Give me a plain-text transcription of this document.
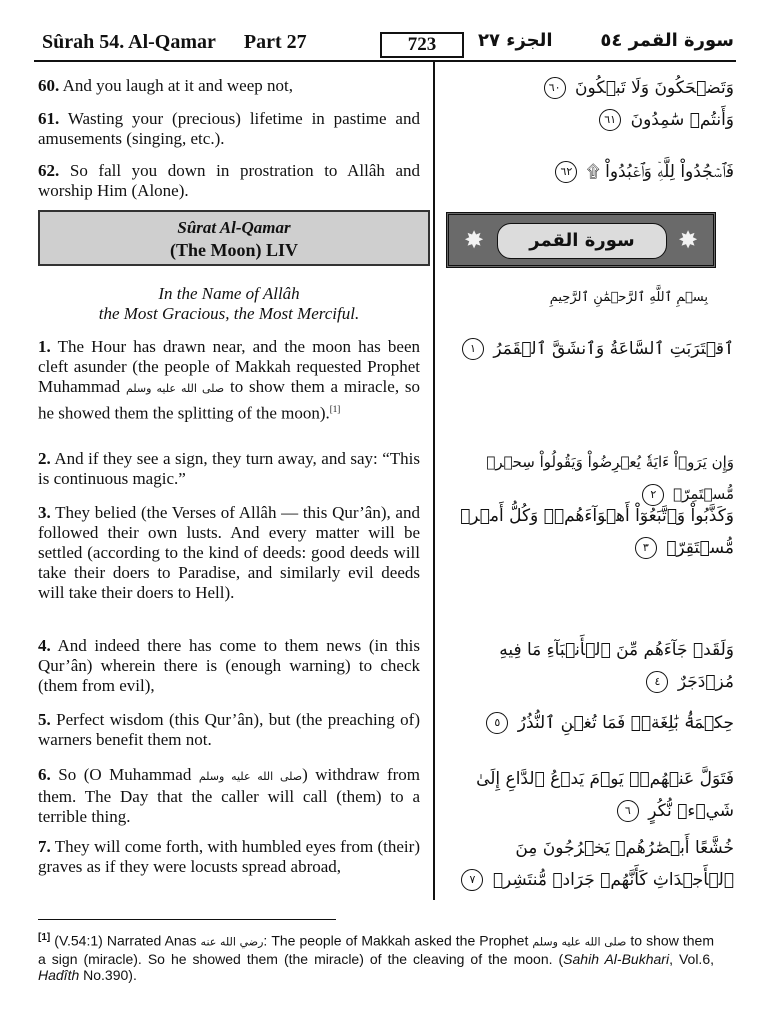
Sûrah 54. Al-Qamar Part 27	723	الجزء ٢٧	سورة القمر ٥٤
60. And you laugh at it and weep not,	وَتَضۡحَكُونَ وَلَا تَبۡكُونَ ٦٠
61. Wasting your (precious) lifetime in pastime and amusements (singing, etc.).
وَأَنتُمۡ سَٰمِدُونَ ٦١
62. So fall you down in prostration to Allâh and worship Him (Alone).
فَٱسۡجُدُواْ لِلَّهِۤ وَٱعۡبُدُواْ ۩ ٦٢
Sûrat Al-Qamar
(The Moon) LIV	✸	سورة القمر	✸
In the Name of Allâh
the Most Gracious, the Most Merciful.
بِسۡمِ ٱللَّهِ ٱلرَّحۡمَٰنِ ٱلرَّحِيمِ
1. The Hour has drawn near, and the moon has been cleft asunder (the people of Makkah requested Prophet Muhammad صلى الله عليه وسلم to show them a miracle, so he showed them the splitting of the moon).[1]
ٱقۡتَرَبَتِ ٱلسَّاعَةُ وَٱنشَقَّ ٱلۡقَمَرُ ١
2. And if they see a sign, they turn away, and say: “This is continuous magic.”
وَإِن يَرَوۡاْ ءَايَةٗ يُعۡرِضُواْ وَيَقُولُواْ سِحۡرٞ مُّسۡتَمِرّٞ ٢
3. They belied (the Verses of Allâh — this Qur’ân), and followed their own lusts. And every matter will be settled (according to the kind of deeds: good deeds will take their doers to Paradise, and similarly evil deeds will take their doers to Hell).
وَكَذَّبُواْ وَٱتَّبَعُوٓاْ أَهۡوَآءَهُمۡۚ وَكُلُّ أَمۡرٖ مُّسۡتَقِرّٞ ٣
4. And indeed there has come to them news (in this Qur’ân) wherein there is (enough warning) to check (them from evil),
وَلَقَدۡ جَآءَهُم مِّنَ ٱلۡأَنۢبَآءِ مَا فِيهِ مُزۡدَجَرٌ ٤
5. Perfect wisdom (this Qur’ân), but (the preaching of) warners benefit them not.
حِكۡمَةُۢ بَٰلِغَةٞۖ فَمَا تُغۡنِ ٱلنُّذُرُ ٥
6. So (O Muhammad صلى الله عليه وسلم) withdraw from them. The Day that the caller will call (them) to a terrible thing.
فَتَوَلَّ عَنۡهُمۡۘ يَوۡمَ يَدۡعُ ٱلدَّاعِ إِلَىٰ شَيۡءٖ نُّكُرٍ ٦
7. They will come forth, with humbled eyes from (their) graves as if they were locusts spread abroad,
خُشَّعًا أَبۡصَٰرُهُمۡ يَخۡرُجُونَ مِنَ ٱلۡأَجۡدَاثِ كَأَنَّهُمۡ جَرَادٞ مُّنتَشِرٞ ٧
[1] (V.54:1) Narrated Anas رضي الله عنه: The people of Makkah asked the Prophet صلى الله عليه وسلم to show them a sign (miracle). So he showed them (the miracle) of the cleaving of the moon. (Sahih Al-Bukhari, Vol.6, Hadîth No.390).
